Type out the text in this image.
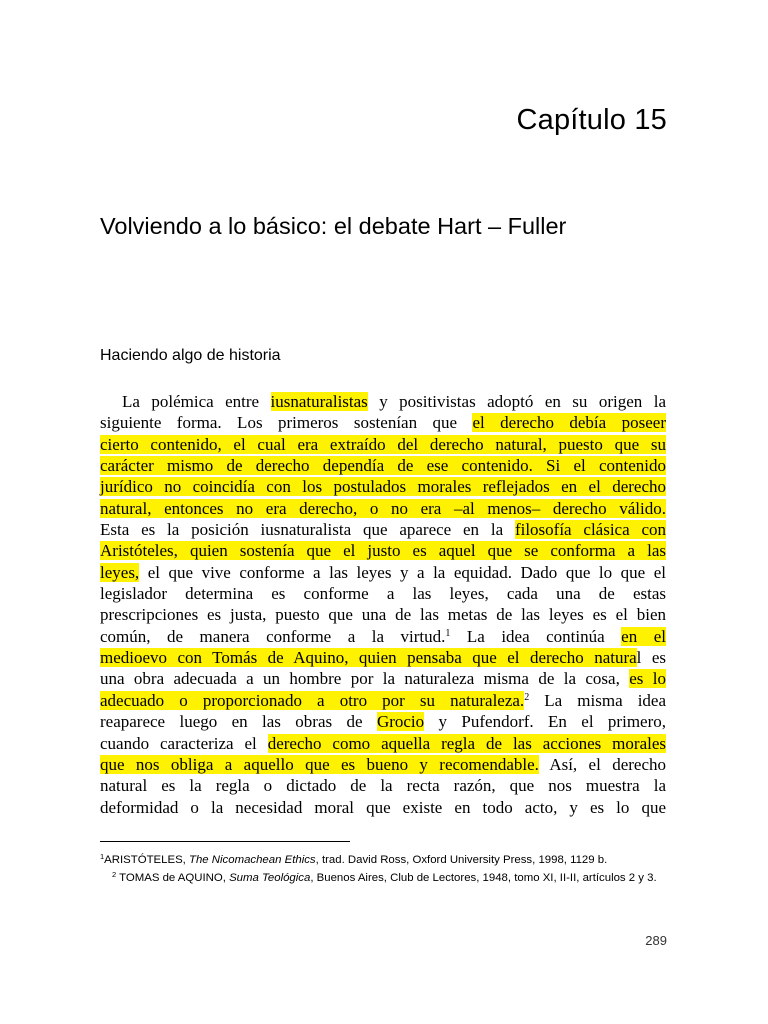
Capítulo 15
Volviendo a lo básico: el debate Hart – Fuller
Haciendo algo de historia
La polémica entre iusnaturalistas y positivistas adoptó en su origen la
siguiente forma. Los primeros sostenían que el derecho debía poseer
cierto contenido, el cual era extraído del derecho natural, puesto que su
carácter mismo de derecho dependía de ese contenido. Si el contenido
jurídico no coincidía con los postulados morales reflejados en el derecho
natural, entonces no era derecho, o no era –al menos– derecho válido.
Esta es la posición iusnaturalista que aparece en la filosofía clásica con
Aristóteles, quien sostenía que el justo es aquel que se conforma a las
leyes, el que vive conforme a las leyes y a la equidad. Dado que lo que el
legislador determina es conforme a las leyes, cada una de estas
prescripciones es justa, puesto que una de las metas de las leyes es el bien
común, de manera conforme a la virtud.$^1$ La idea continúa en el
medioevo con Tomás de Aquino, quien pensaba que el derecho natural es
una obra adecuada a un hombre por la naturaleza misma de la cosa, es lo
adecuado o proporcionado a otro por su naturaleza.$^2$ La misma idea
reaparece luego en las obras de Grocio y Pufendorf. En el primero,
cuando caracteriza el derecho como aquella regla de las acciones morales
que nos obliga a aquello que es bueno y recomendable. Así, el derecho
natural es la regla o dictado de la recta razón, que nos muestra la
deformidad o la necesidad moral que existe en todo acto, y es lo que

$^1$ARISTÓTELES, The Nicomachean Ethics, trad. David Ross, Oxford University Press, 1998, 1129 b.

$^2$ TOMAS de AQUINO, Suma Teológica, Buenos Aires, Club de Lectores, 1948, tomo XI, II-II, artículos 2 y 3.

289
